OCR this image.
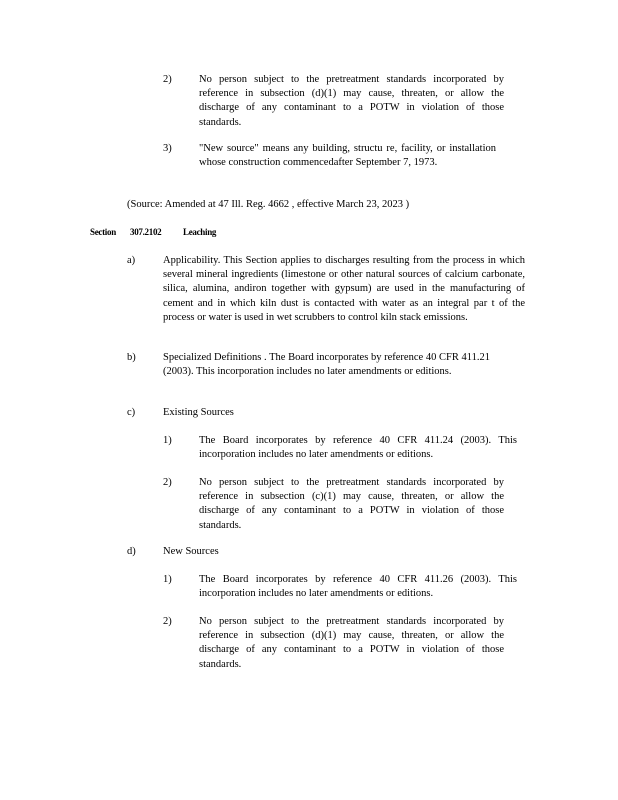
2)	No person subject to the pretreatment standards incorporated by reference in subsection (d)(1) may cause, threaten, or allow the discharge of any contaminant to a POTW in violation of those standards.
3)	"New source" means any building, structu re, facility, or installation whose construction commencedafter September 7, 1973.
(Source: Amended at 47 Ill. Reg. 4662 , effective March 23, 2023 )
Section 307.2102 Leaching
a)	Applicability. This Section applies to discharges resulting from the process in which several mineral ingredients (limestone or other natural sources of calcium carbonate, silica, alumina, andiron together with gypsum) are used in the manufacturing of cement and in which kiln dust is contacted with water as an integral par t of the process or water is used in wet scrubbers to control kiln stack emissions.
b)	Specialized Definitions . The Board incorporates by reference 40 CFR 411.21 (2003). This incorporation includes no later amendments or editions.
c)	Existing Sources
1)	The Board incorporates by reference 40 CFR 411.24 (2003). This incorporation includes no later amendments or editions.
2)	No person subject to the pretreatment standards incorporated by reference in subsection (c)(1) may cause, threaten, or allow the discharge of any contaminant to a POTW in violation of those standards.
d)	New Sources
1)	The Board incorporates by reference 40 CFR 411.26 (2003). This incorporation includes no later amendments or editions.
2)	No person subject to the pretreatment standards incorporated by reference in subsection (d)(1) may cause, threaten, or allow the discharge of any contaminant to a POTW in violation of those standards.
